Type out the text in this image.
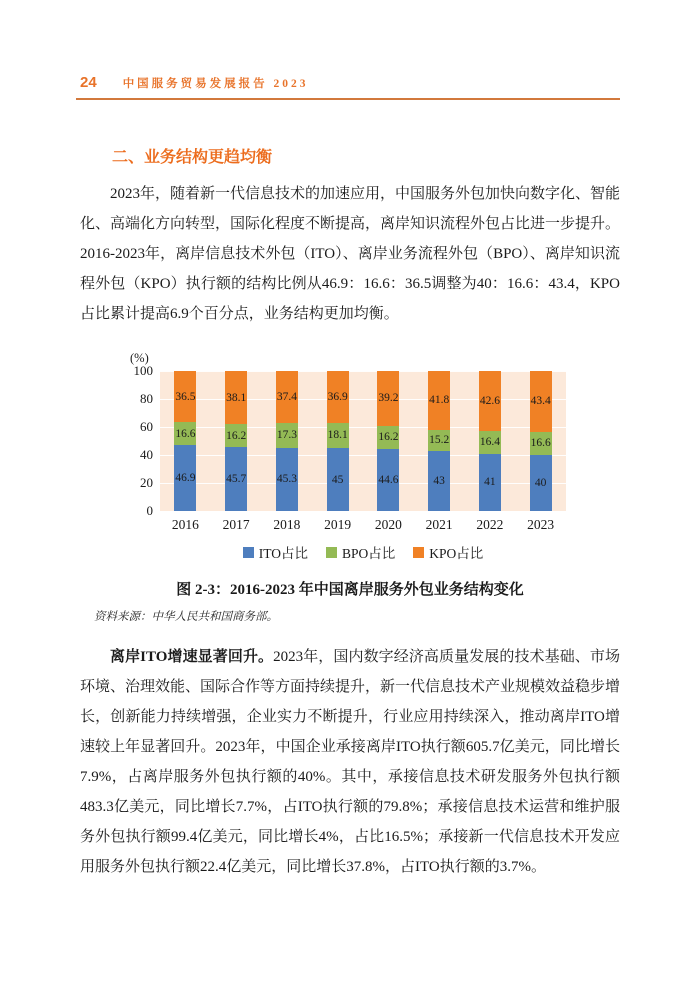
24 中国服务贸易发展报告 2023
二、业务结构更趋均衡

2023年，随着新一代信息技术的加速应用，中国服务外包加快向数字化、智能化、高端化方向转型，国际化程度不断提高，离岸知识流程外包占比进一步提升。2016-2023年，离岸信息技术外包（ITO）、离岸业务流程外包（BPO）、离岸知识流程外包（KPO）执行额的结构比例从46.9：16.6：36.5调整为40：16.6：43.4，KPO占比累计提高6.9个百分点，业务结构更加均衡。

(%)
0
20
40
60
80
100
46.9
16.6
36.5
45.7
16.2
38.1
45.3
17.3
37.4
45
18.1
36.9
44.6
16.2
39.2
43
15.2
41.8
41
16.4
42.6
40
16.6
43.4
2016	2017	2018	2019	2020	2021	2022	2023
ITO占比	BPO占比	KPO占比
图 2-3：2016-2023 年中国离岸服务外包业务结构变化
资料来源：中华人民共和国商务部。

离岸ITO增速显著回升。2023年，国内数字经济高质量发展的技术基础、市场环境、治理效能、国际合作等方面持续提升，新一代信息技术产业规模效益稳步增长，创新能力持续增强，企业实力不断提升，行业应用持续深入，推动离岸ITO增速较上年显著回升。2023年，中国企业承接离岸ITO执行额605.7亿美元，同比增长7.9%，占离岸服务外包执行额的40%。其中，承接信息技术研发服务外包执行额483.3亿美元，同比增长7.7%，占ITO执行额的79.8%；承接信息技术运营和维护服务外包执行额99.4亿美元，同比增长4%，占比16.5%；承接新一代信息技术开发应用服务外包执行额22.4亿美元，同比增长37.8%，占ITO执行额的3.7%。
